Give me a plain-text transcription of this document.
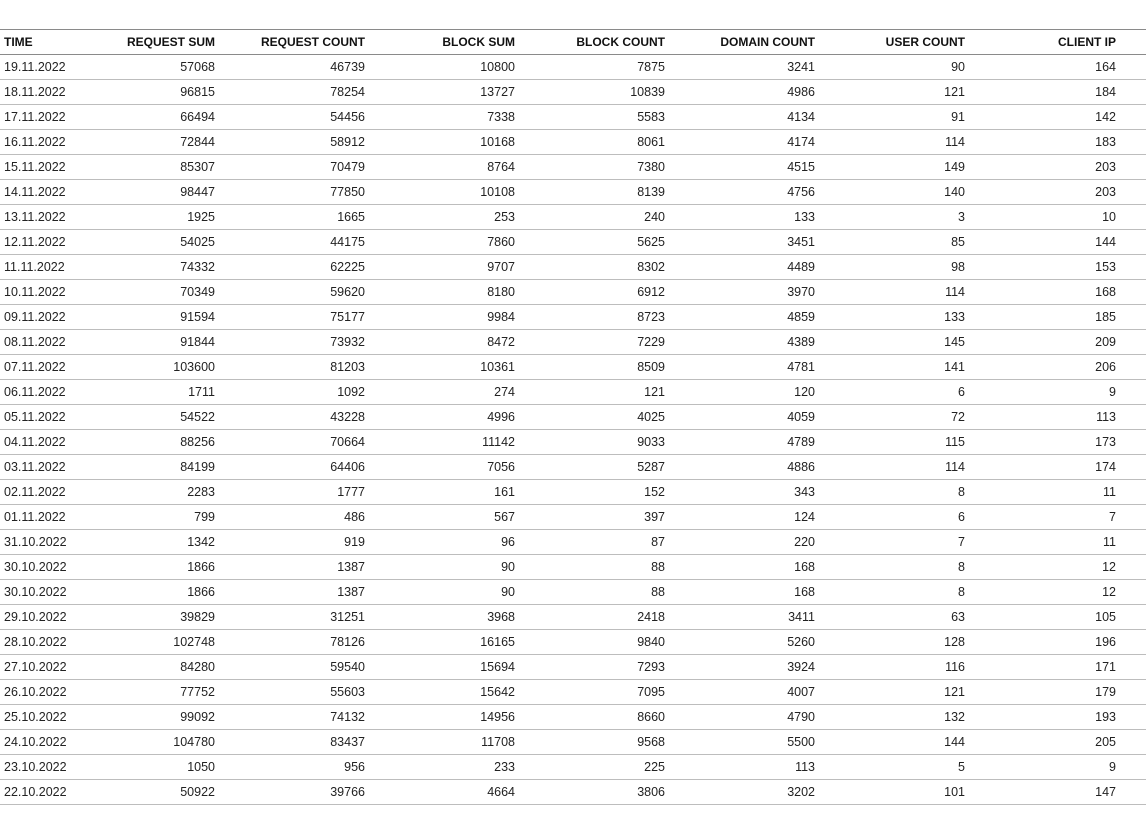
TIME	REQUEST SUM	REQUEST COUNT	BLOCK SUM	BLOCK COUNT	DOMAIN COUNT	USER COUNT	CLIENT IP
19.11.2022	57068	46739	10800	7875	3241	90	164
18.11.2022	96815	78254	13727	10839	4986	121	184
17.11.2022	66494	54456	7338	5583	4134	91	142
16.11.2022	72844	58912	10168	8061	4174	114	183
15.11.2022	85307	70479	8764	7380	4515	149	203
14.11.2022	98447	77850	10108	8139	4756	140	203
13.11.2022	1925	1665	253	240	133	3	10
12.11.2022	54025	44175	7860	5625	3451	85	144
11.11.2022	74332	62225	9707	8302	4489	98	153
10.11.2022	70349	59620	8180	6912	3970	114	168
09.11.2022	91594	75177	9984	8723	4859	133	185
08.11.2022	91844	73932	8472	7229	4389	145	209
07.11.2022	103600	81203	10361	8509	4781	141	206
06.11.2022	1711	1092	274	121	120	6	9
05.11.2022	54522	43228	4996	4025	4059	72	113
04.11.2022	88256	70664	11142	9033	4789	115	173
03.11.2022	84199	64406	7056	5287	4886	114	174
02.11.2022	2283	1777	161	152	343	8	11
01.11.2022	799	486	567	397	124	6	7
31.10.2022	1342	919	96	87	220	7	11
30.10.2022	1866	1387	90	88	168	8	12
30.10.2022	1866	1387	90	88	168	8	12
29.10.2022	39829	31251	3968	2418	3411	63	105
28.10.2022	102748	78126	16165	9840	5260	128	196
27.10.2022	84280	59540	15694	7293	3924	116	171
26.10.2022	77752	55603	15642	7095	4007	121	179
25.10.2022	99092	74132	14956	8660	4790	132	193
24.10.2022	104780	83437	11708	9568	5500	144	205
23.10.2022	1050	956	233	225	113	5	9
22.10.2022	50922	39766	4664	3806	3202	101	147
